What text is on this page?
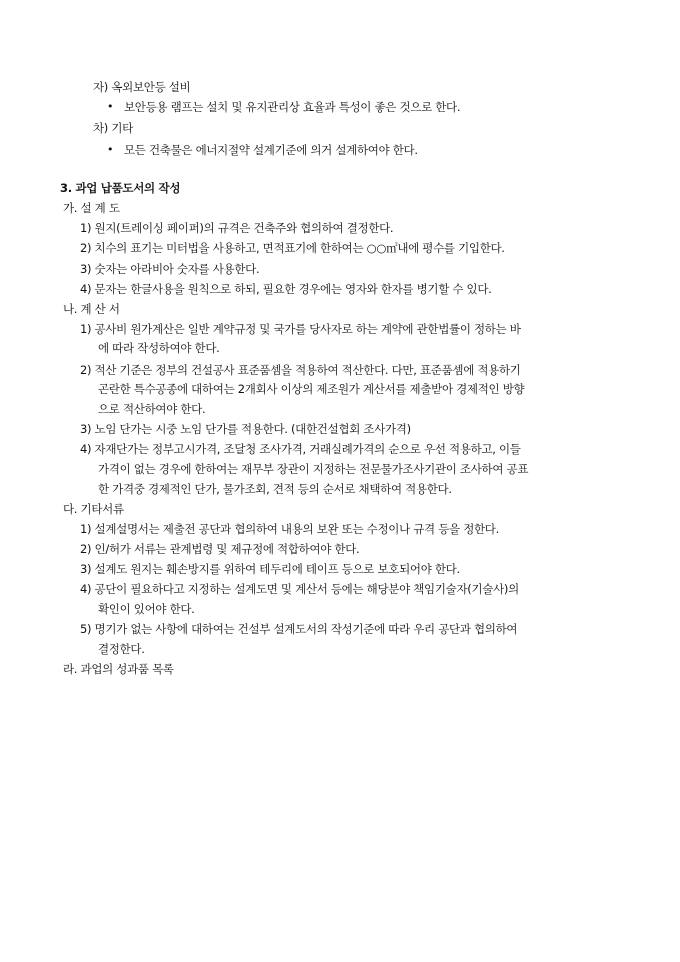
자) 옥외보안등 설비
• 보안등용 램프는 설치 및 유지관리상 효율과 특성이 좋은 것으로 한다.
차) 기타
• 모든 건축물은 에너지절약 설계기준에 의거 설계하여야 한다.
3. 과업 납품도서의 작성
가. 설 계 도
1) 원지(트레이싱 페이퍼)의 규격은 건축주와 협의하여 결정한다.
2) 치수의 표기는 미터법을 사용하고, 면적표기에 한하여는 ○○㎡내에 평수를 기입한다.
3) 숫자는 아라비아 숫자를 사용한다.
4) 문자는 한글사용을 원칙으로 하되, 필요한 경우에는 영자와 한자를 병기할 수 있다.
나. 계 산 서
1) 공사비 원가계산은 일반 계약규정 및 국가를 당사자로 하는 계약에 관한법률이 정하는 바
에 따라 작성하여야 한다.
2) 적산 기준은 정부의 건설공사 표준품셈을 적용하여 적산한다. 다만, 표준품셈에 적용하기
곤란한 특수공종에 대하여는 2개회사 이상의 제조원가 계산서를 제출받아 경제적인 방향
으로 적산하여야 한다.
3) 노임 단가는 시중 노임 단가를 적용한다. (대한건설협회 조사가격)
4) 자재단가는 정부고시가격, 조달청 조사가격, 거래실례가격의 순으로 우선 적용하고, 이들
가격이 없는 경우에 한하여는 재무부 장관이 지정하는 전문물가조사기관이 조사하여 공표
한 가격중 경제적인 단가, 물가조회, 견적 등의 순서로 채택하여 적용한다.
다. 기타서류
1) 설계설명서는 제출전 공단과 협의하여 내용의 보완 또는 수정이나 규격 등을 정한다.
2) 인/허가 서류는 관계법령 및 제규정에 적합하여야 한다.
3) 설계도 원지는 훼손방지를 위하여 테두리에 테이프 등으로 보호되어야 한다.
4) 공단이 필요하다고 지정하는 설계도면 및 계산서 등에는 해당분야 책임기술자(기술사)의
확인이 있어야 한다.
5) 명기가 없는 사항에 대하여는 건설부 설계도서의 작성기준에 따라 우리 공단과 협의하여
결정한다.
라. 과업의 성과품 목록
